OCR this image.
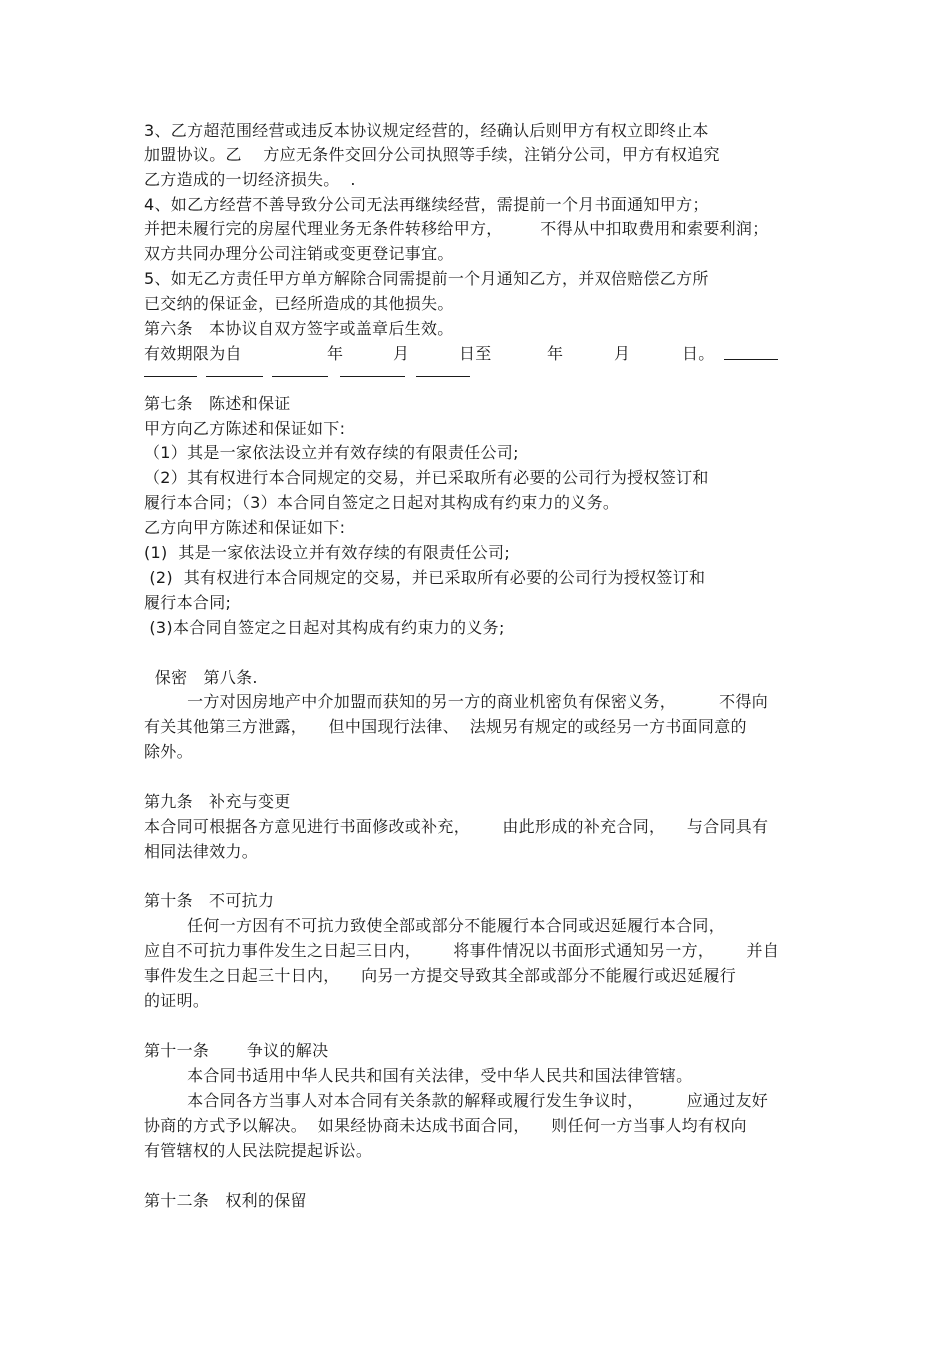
3、乙方超范围经营或违反本协议规定经营的，经确认后则甲方有权立即终止本
加盟协议。乙    方应无条件交回分公司执照等手续，注销分公司，甲方有权追究
乙方造成的一切经济损失。  .
4、如乙方经营不善导致分公司无法再继续经营，需提前一个月书面通知甲方；
并把未履行完的房屋代理业务无条件转移给甲方，       不得从中扣取费用和索要利润；
双方共同办理分公司注销或变更登记事宜。
5、如无乙方责任甲方单方解除合同需提前一个月通知乙方，并双倍赔偿乙方所
已交纳的保证金，已经所造成的其他损失。
第六条   本协议自双方签字或盖章后生效。
有效期限为自	年	月	日至	年	月	日。
第七条   陈述和保证
甲方向乙方陈述和保证如下:
（1）其是一家依法设立并有效存续的有限责任公司;
（2）其有权进行本合同规定的交易，并已采取所有必要的公司行为授权签订和
履行本合同；（3）本合同自签定之日起对其构成有约束力的义务。
乙方向甲方陈述和保证如下:
(1)  其是一家依法设立并有效存续的有限责任公司;
(2)  其有权进行本合同规定的交易，并已采取所有必要的公司行为授权签订和
履行本合同;
(3)本合同自签定之日起对其构成有约束力的义务;
保密   第八条.
一方对因房地产中介加盟而获知的另一方的商业机密负有保密义务，        不得向
有关其他第三方泄露，    但中国现行法律、  法规另有规定的或经另一方书面同意的
除外。
第九条   补充与变更
本合同可根据各方意见进行书面修改或补充，      由此形成的补充合同，    与合同具有
相同法律效力。
第十条   不可抗力
任何一方因有不可抗力致使全部或部分不能履行本合同或迟延履行本合同，
应自不可抗力事件发生之日起三日内，      将事件情况以书面形式通知另一方，      并自
事件发生之日起三十日内，    向另一方提交导致其全部或部分不能履行或迟延履行
的证明。
第十一条       争议的解决
本合同书适用中华人民共和国有关法律，受中华人民共和国法律管辖。
本合同各方当事人对本合同有关条款的解释或履行发生争议时，        应通过友好
协商的方式予以解决。  如果经协商未达成书面合同，    则任何一方当事人均有权向
有管辖权的人民法院提起诉讼。
第十二条   权利的保留
